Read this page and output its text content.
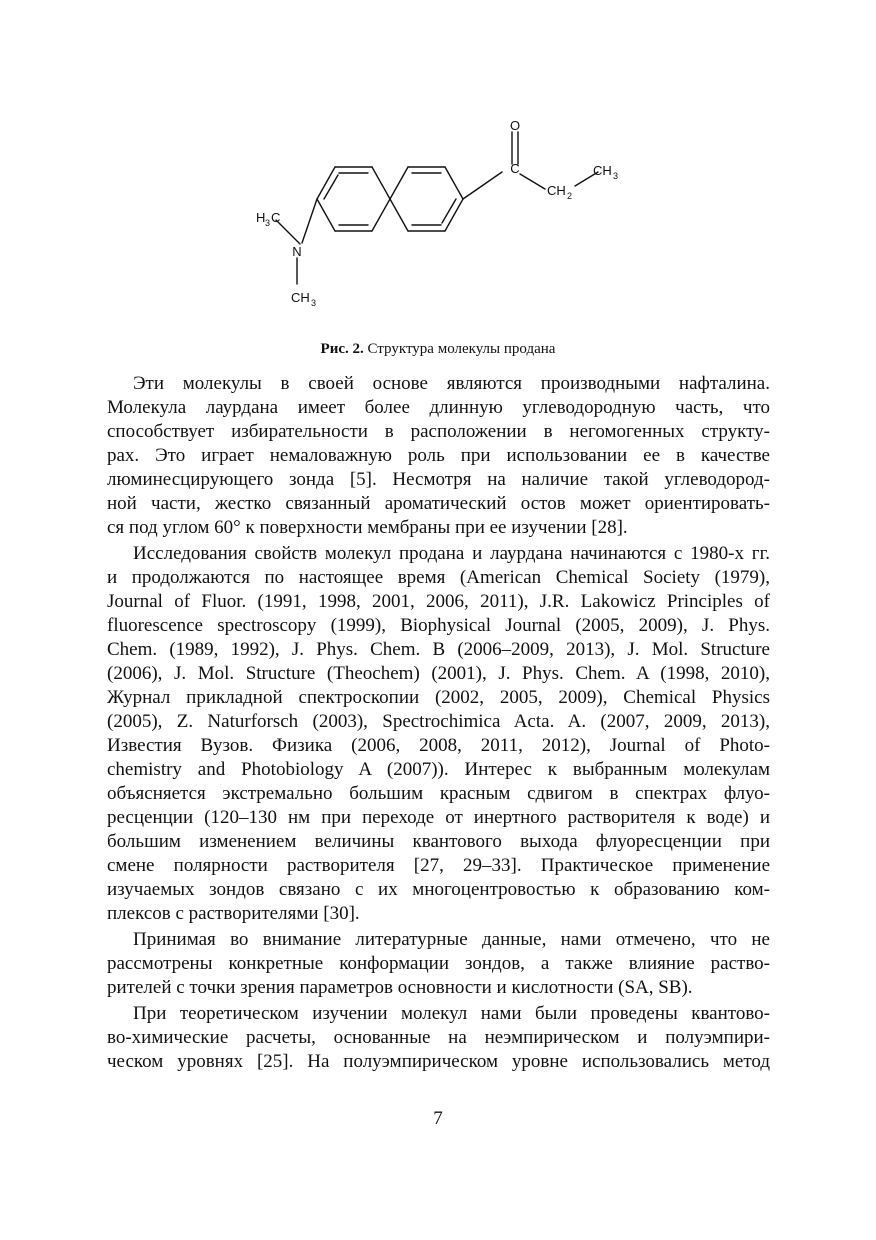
O
C
CH 2
CH 3
H 3 C
N
CH 3
Рис. 2. Структура молекулы продана
Эти молекулы в своей основе являются производными нафталина.
Молекула лаурдана имеет более длинную углеводородную часть, что
способствует избирательности в расположении в негомогенных структу-
рах. Это играет немаловажную роль при использовании ее в качестве
люминесцирующего зонда [5]. Несмотря на наличие такой углеводород-
ной части, жестко связанный ароматический остов может ориентировать-
ся под углом 60° к поверхности мембраны при ее изучении [28].
Исследования свойств молекул продана и лаурдана начинаются с 1980-х гг.
и продолжаются по настоящее время (American Chemical Society (1979),
Journal of Fluor. (1991, 1998, 2001, 2006, 2011), J.R. Lakowicz Principles of
fluorescence spectroscopy (1999), Biophysical Journal (2005, 2009), J. Phys.
Chem. (1989, 1992), J. Phys. Chem. B (2006–2009, 2013), J. Mol. Structure
(2006), J. Mol. Structure (Theochem) (2001), J. Phys. Chem. A (1998, 2010),
Журнал прикладной спектроскопии (2002, 2005, 2009), Chemical Physics
(2005), Z. Naturforsch (2003), Spectrochimica Acta. A. (2007, 2009, 2013),
Известия Вузов. Физика (2006, 2008, 2011, 2012), Journal of Photo-
chemistry and Photobiology A (2007)). Интерес к выбранным молекулам
объясняется экстремально большим красным сдвигом в спектрах флуо-
ресценции (120–130 нм при переходе от инертного растворителя к воде) и
большим изменением величины квантового выхода флуоресценции при
смене полярности растворителя [27, 29–33]. Практическое применение
изучаемых зондов связано с их многоцентровостью к образованию ком-
плексов с растворителями [30].
Принимая во внимание литературные данные, нами отмечено, что не
рассмотрены конкретные конформации зондов, а также влияние раство-
рителей с точки зрения параметров основности и кислотности (SA, SB).
При теоретическом изучении молекул нами были проведены квантово-
во-химические расчеты, основанные на неэмпирическом и полуэмпири-
ческом уровнях [25]. На полуэмпирическом уровне использовались метод
7
